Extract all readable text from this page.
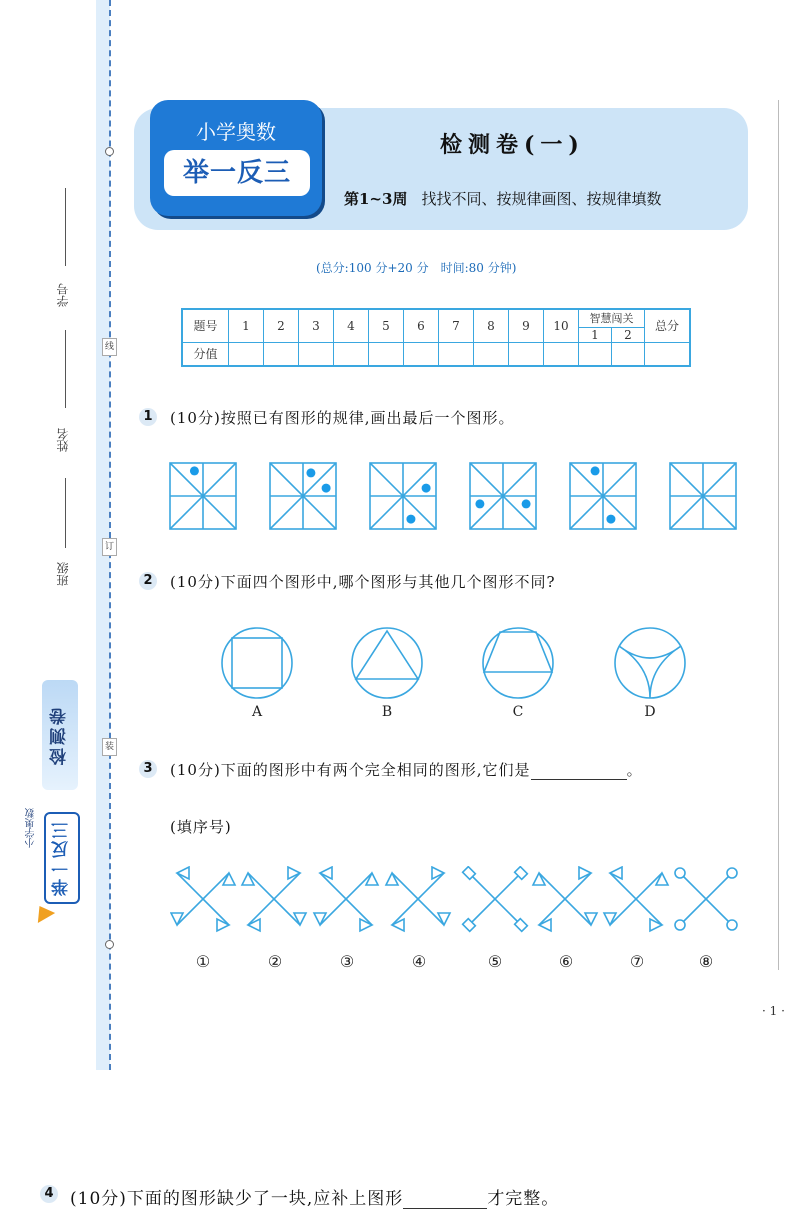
线
订
装
学号
姓名
班级
检测卷
小学奥数 举一反三
小学奥数
举一反三
检测卷(一)
第1~3周 找找不同、按规律画图、按规律填数
(总分:100 分+20 分　时间:80 分钟)
题号	1	2	3	4	5	6	7	8	9	10	智慧闯关		总分
											1	2	
分值													
1 (10分)按照已有图形的规律,画出最后一个图形。
2 (10分)下面四个图形中,哪个图形与其他几个图形不同?
A	B	C	D
3 (10分)下面的图形中有两个完全相同的图形,它们是	。
(填序号)
①	②	③	④	⑤	⑥	⑦	⑧
· 1 ·
4 (10分)下面的图形缺少了一块,应补上图形	才完整。
